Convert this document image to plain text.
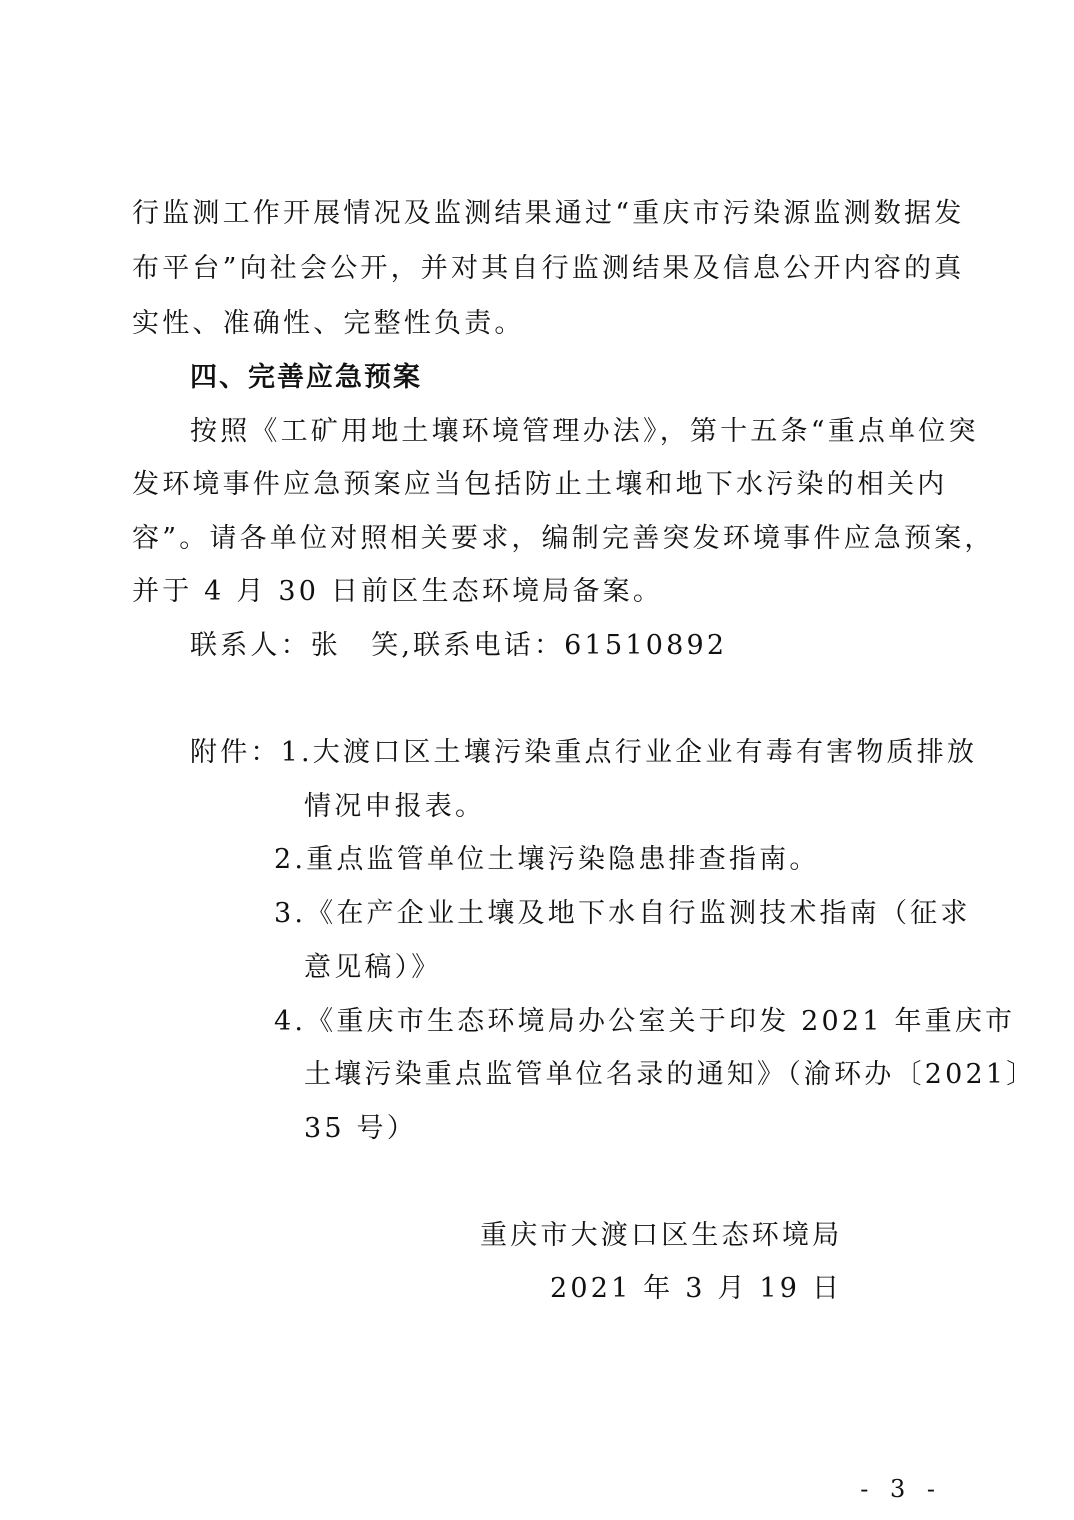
行监测工作开展情况及监测结果通过“重庆市污染源监测数据发
布平台”向社会公开，并对其自行监测结果及信息公开内容的真
实性、准确性、完整性负责。
四、完善应急预案
按照《工矿用地土壤环境管理办法》，第十五条“重点单位突
发环境事件应急预案应当包括防止土壤和地下水污染的相关内
容”。请各单位对照相关要求，编制完善突发环境事件应急预案，
并于 4 月 30 日前区生态环境局备案。
联系人：张　笑,联系电话：61510892
附件：1.大渡口区土壤污染重点行业企业有毒有害物质排放
情况申报表。
2.重点监管单位土壤污染隐患排查指南。
3.《在产企业土壤及地下水自行监测技术指南（征求
意见稿）》
4.《重庆市生态环境局办公室关于印发 2021 年重庆市
土壤污染重点监管单位名录的通知》（渝环办〔2021〕
35 号）
重庆市大渡口区生态环境局
2021 年 3 月 19 日
- 3 -
